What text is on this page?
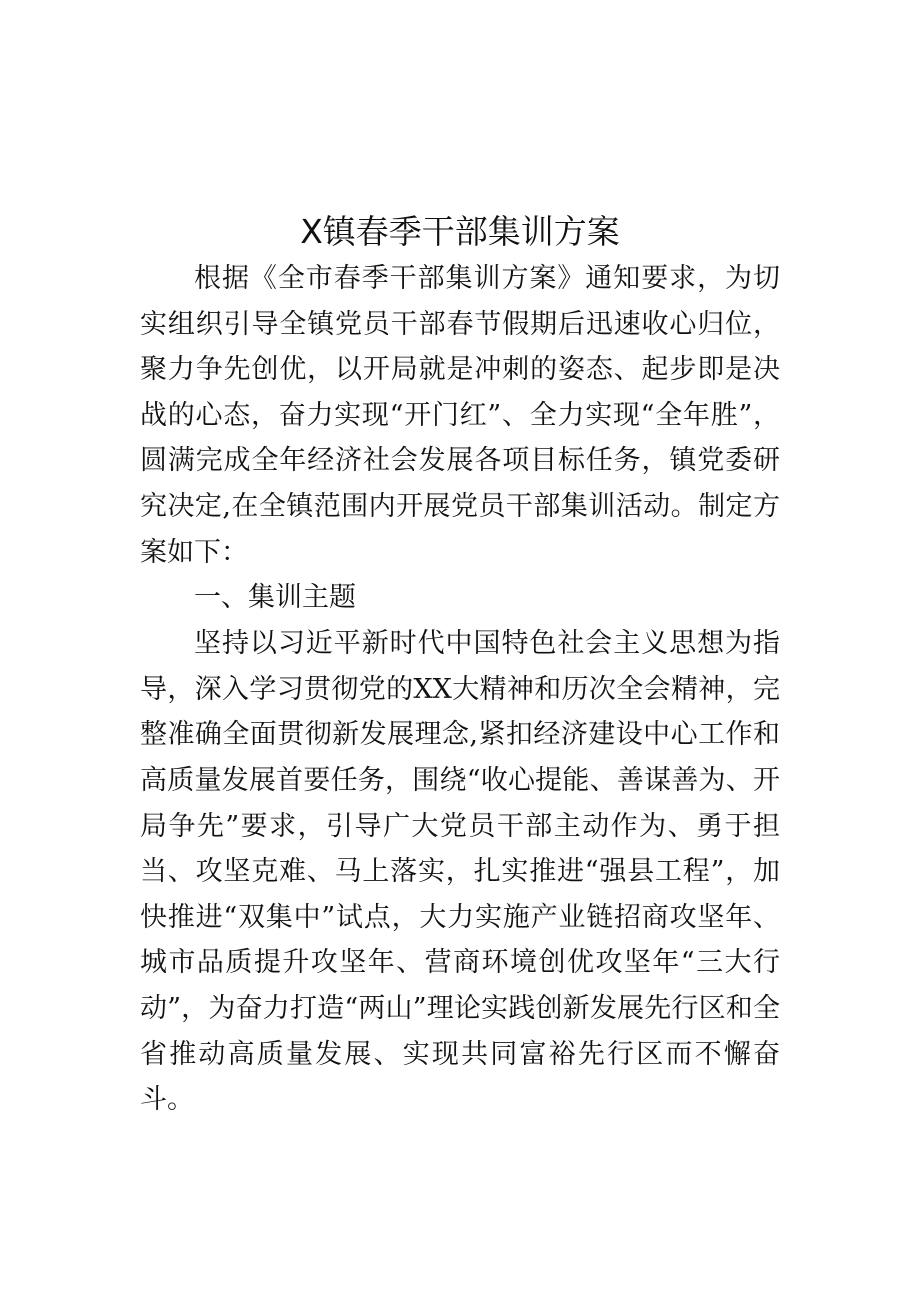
X镇春季干部集训方案

根据《全市春季干部集训方案》通知要求，为切实组织引导全镇党员干部春节假期后迅速收心归位，聚力争先创优，以开局就是冲刺的姿态、起步即是决战的心态，奋力实现“开门红”、全力实现“全年胜”，圆满完成全年经济社会发展各项目标任务，镇党委研究决定,在全镇范围内开展党员干部集训活动。制定方案如下：

一、集训主题

坚持以习近平新时代中国特色社会主义思想为指导，深入学习贯彻党的XX大精神和历次全会精神，完整准确全面贯彻新发展理念,紧扣经济建设中心工作和高质量发展首要任务，围绕“收心提能、善谋善为、开局争先”要求，引导广大党员干部主动作为、勇于担当、攻坚克难、马上落实，扎实推进“强县工程”，加快推进“双集中”试点，大力实施产业链招商攻坚年、城市品质提升攻坚年、营商环境创优攻坚年“三大行动”，为奋力打造“两山”理论实践创新发展先行区和全省推动高质量发展、实现共同富裕先行区而不懈奋斗。
